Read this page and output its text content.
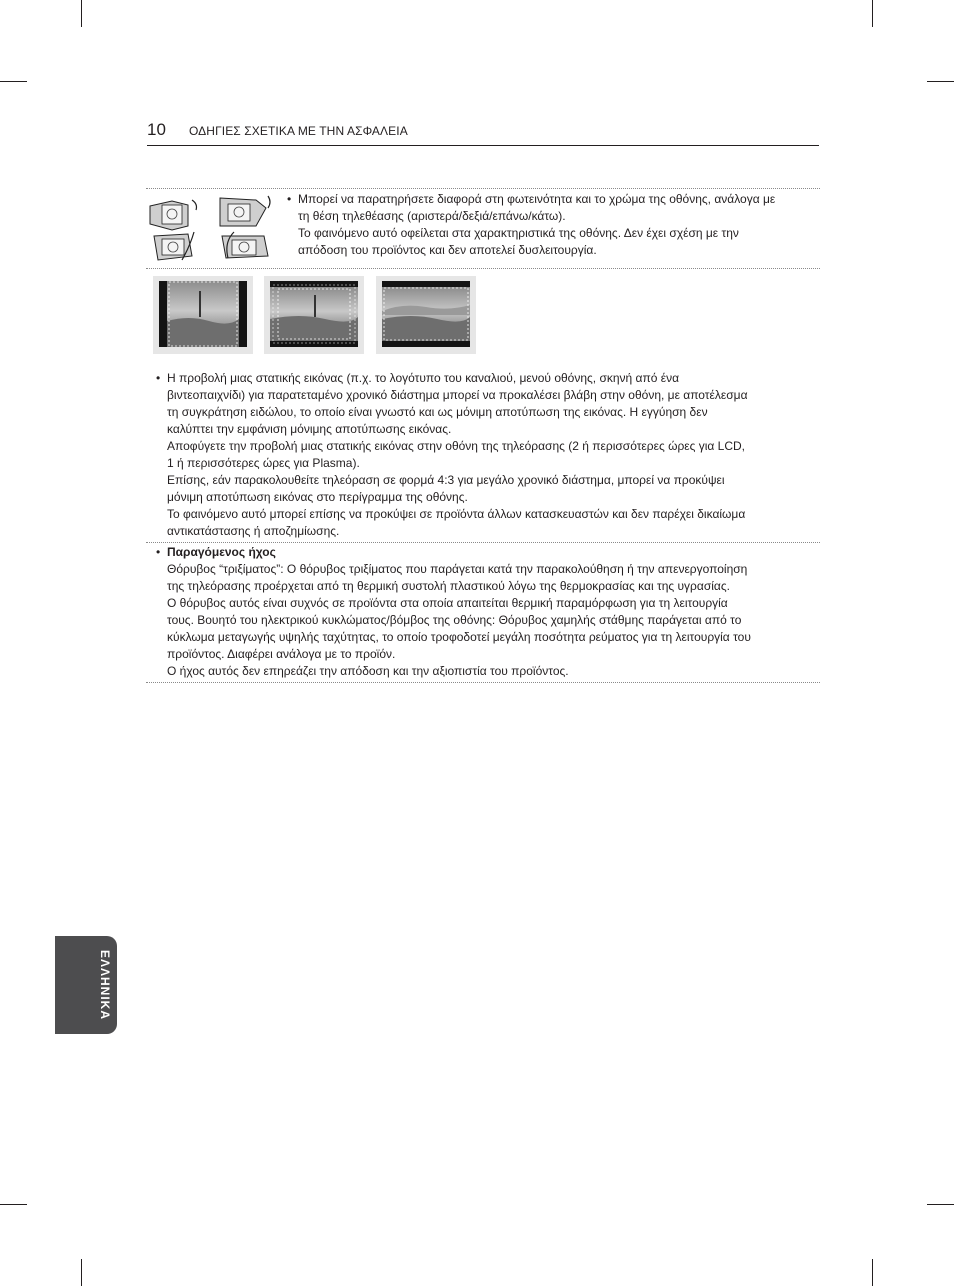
10 ΟΔΗΓΙΕΣ ΣΧΕΤΙΚΑ ΜΕ ΤΗΝ ΑΣΦΑΛΕΙΑ
• Μπορεί να παρατηρήσετε διαφορά στη φωτεινότητα και το χρώμα της οθόνης, ανάλογα με
τη θέση τηλεθέασης (αριστερά/δεξιά/επάνω/κάτω).
Το φαινόμενο αυτό οφείλεται στα χαρακτηριστικά της οθόνης. Δεν έχει σχέση με την
απόδοση του προϊόντος και δεν αποτελεί δυσλειτουργία.
• Η προβολή μιας στατικής εικόνας (π.χ. το λογότυπο του καναλιού, μενού οθόνης, σκηνή από ένα
βιντεοπαιχνίδι) για παρατεταμένο χρονικό διάστημα μπορεί να προκαλέσει βλάβη στην οθόνη, με αποτέλεσμα
τη συγκράτηση ειδώλου, το οποίο είναι γνωστό και ως μόνιμη αποτύπωση της εικόνας. Η εγγύηση δεν
καλύπτει την εμφάνιση μόνιμης αποτύπωσης εικόνας.
Αποφύγετε την προβολή μιας στατικής εικόνας στην οθόνη της τηλεόρασης (2 ή περισσότερες ώρες για LCD,
1 ή περισσότερες ώρες για Plasma).
Επίσης, εάν παρακολουθείτε τηλεόραση σε φορμά 4:3 για μεγάλο χρονικό διάστημα, μπορεί να προκύψει
μόνιμη αποτύπωση εικόνας στο περίγραμμα της οθόνης.
Το φαινόμενο αυτό μπορεί επίσης να προκύψει σε προϊόντα άλλων κατασκευαστών και δεν παρέχει δικαίωμα
αντικατάστασης ή αποζημίωσης.
• Παραγόμενος ήχος
Θόρυβος “τριξίματος”: Ο θόρυβος τριξίματος που παράγεται κατά την παρακολούθηση ή την απενεργοποίηση
της τηλεόρασης προέρχεται από τη θερμική συστολή πλαστικού λόγω της θερμοκρασίας και της υγρασίας.
Ο θόρυβος αυτός είναι συχνός σε προϊόντα στα οποία απαιτείται θερμική παραμόρφωση για τη λειτουργία
τους. Βουητό του ηλεκτρικού κυκλώματος/βόμβος της οθόνης: Θόρυβος χαμηλής στάθμης παράγεται από το
κύκλωμα μεταγωγής υψηλής ταχύτητας, το οποίο τροφοδοτεί μεγάλη ποσότητα ρεύματος για τη λειτουργία του
προϊόντος. Διαφέρει ανάλογα με το προϊόν.
Ο ήχος αυτός δεν επηρεάζει την απόδοση και την αξιοπιστία του προϊόντος.
ΕΛΛΗΝΙΚΑ
